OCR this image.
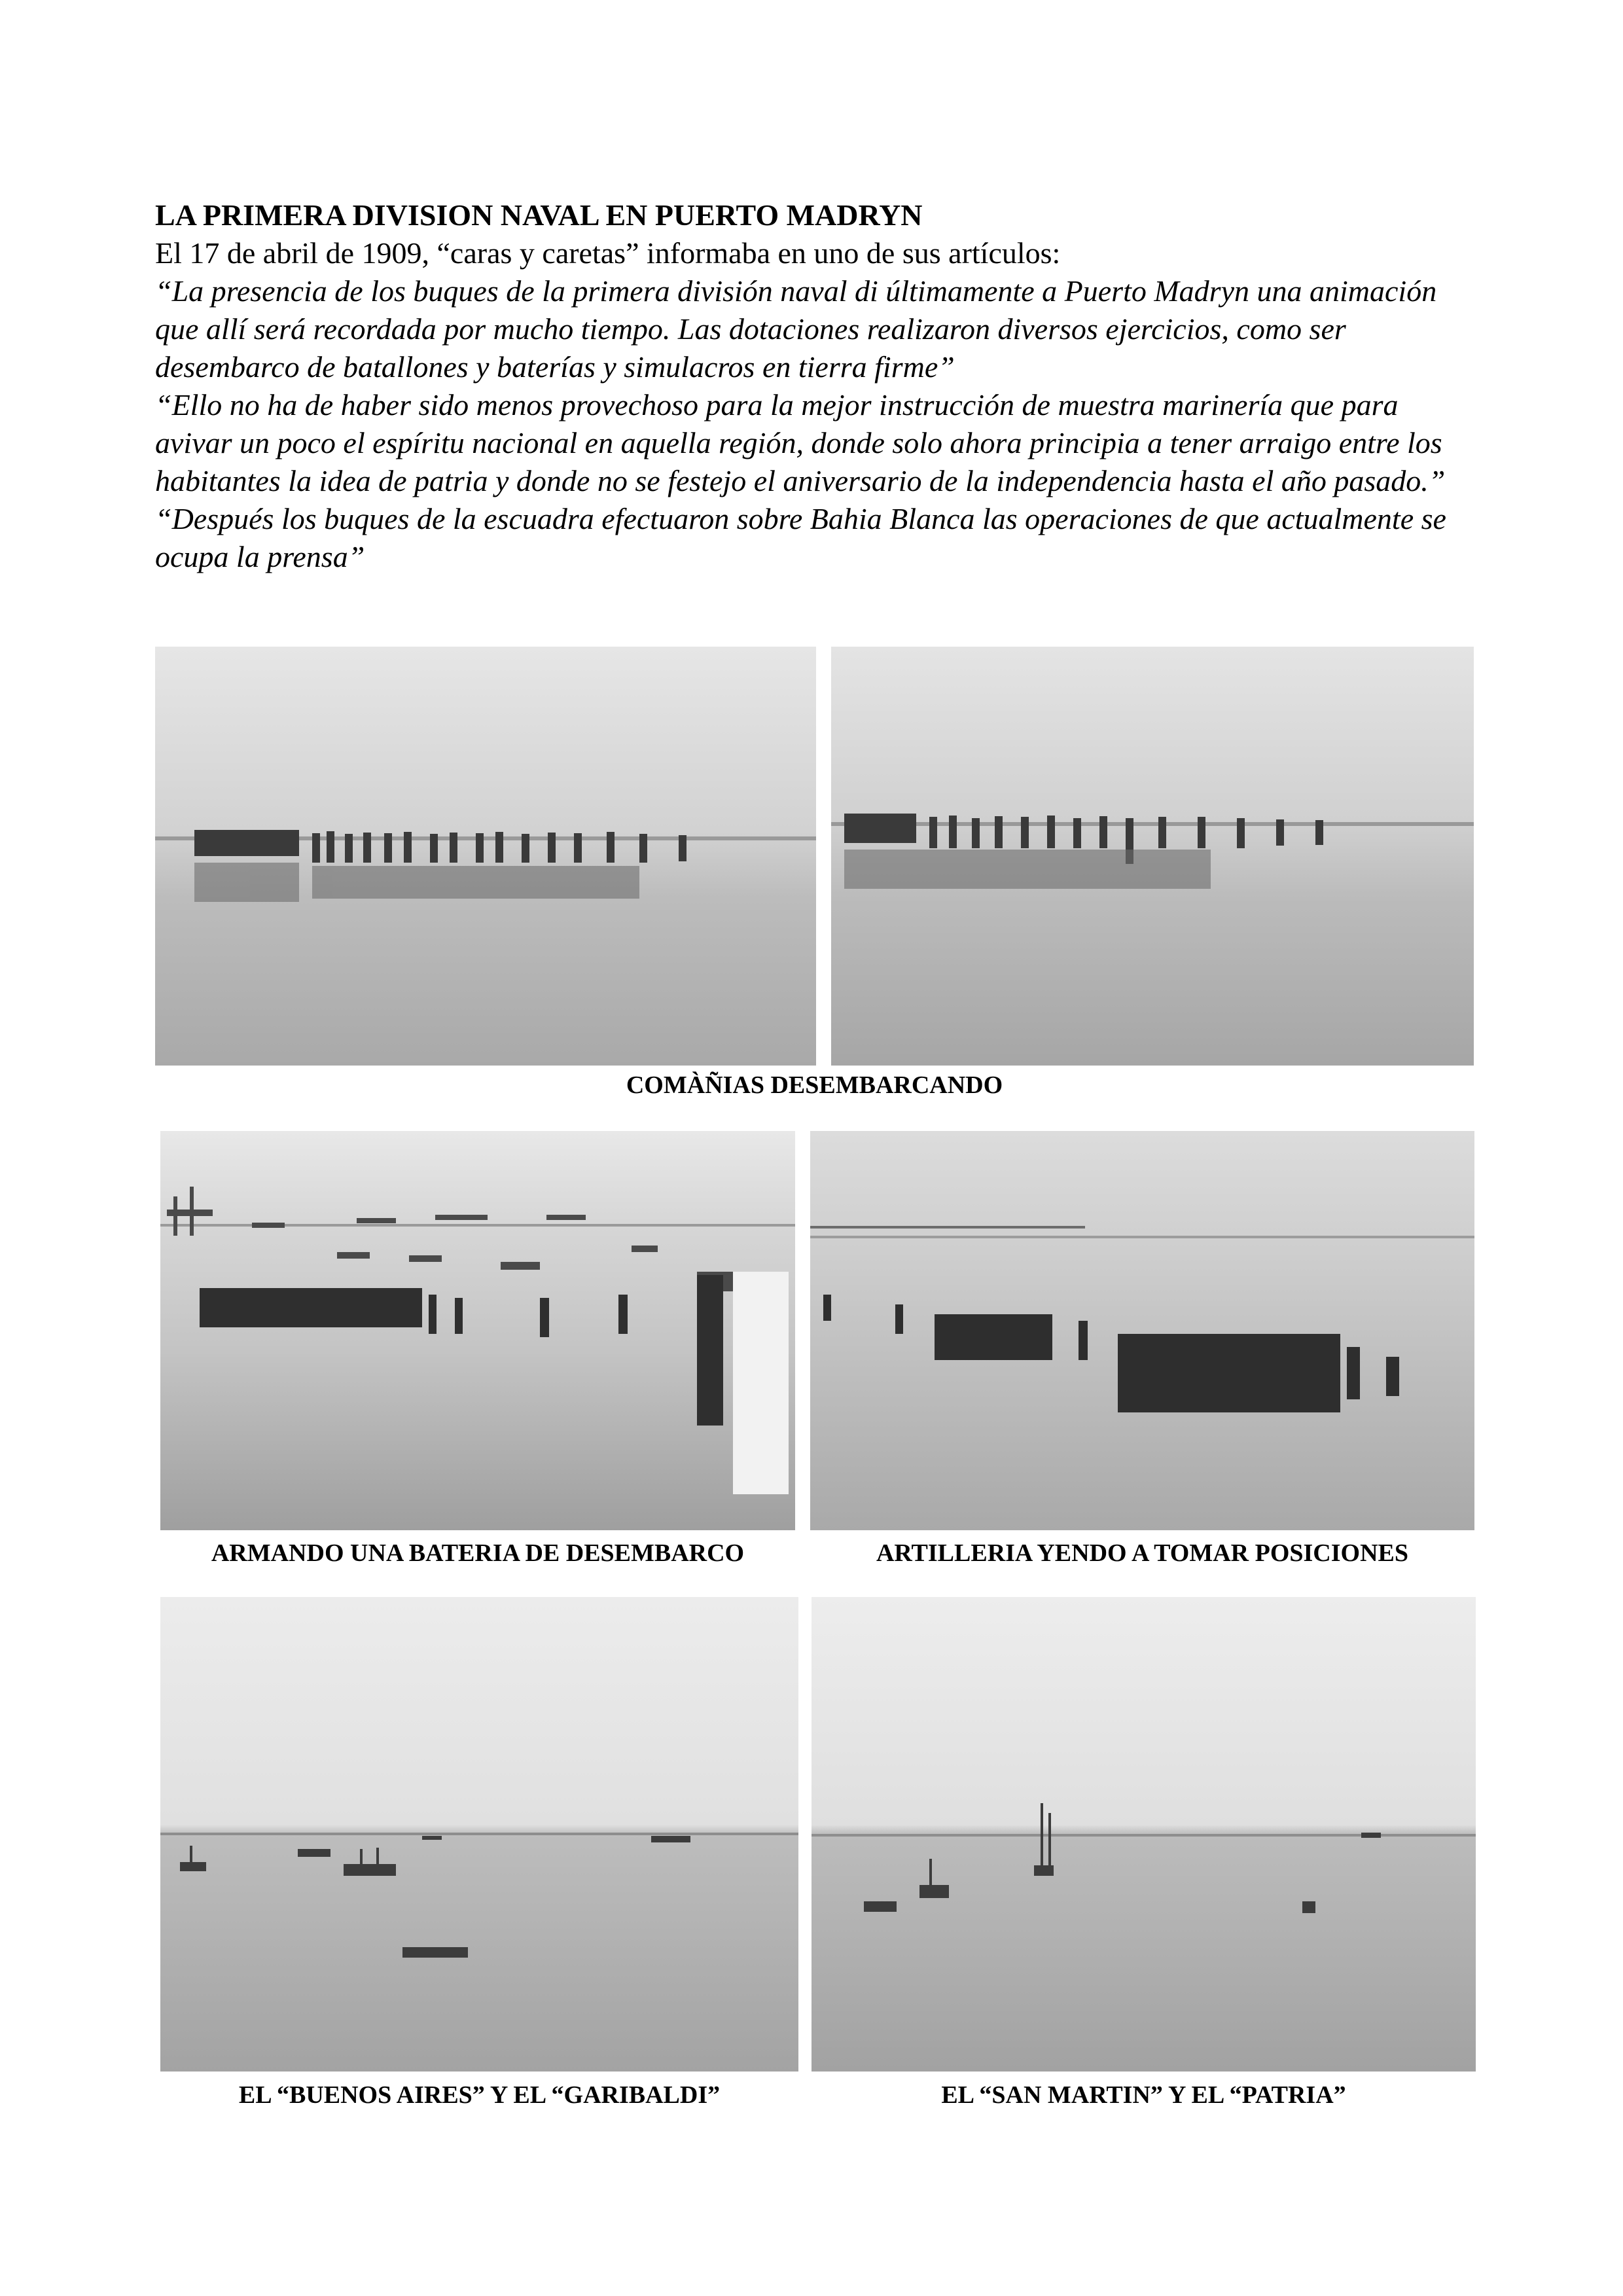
LA PRIMERA DIVISION NAVAL EN PUERTO MADRYN

El 17 de abril de 1909, “caras y caretas” informaba en uno de sus artículos:

“La presencia de los buques de la primera división naval di últimamente a Puerto Madryn una animación que allí será recordada por mucho tiempo. Las dotaciones realizaron diversos ejercicios, como ser desembarco de batallones y baterías y simulacros en tierra firme”

“Ello no ha de haber sido menos provechoso para la mejor instrucción de muestra marinería que para avivar un poco el espíritu nacional en aquella región, donde solo ahora principia a tener arraigo entre los habitantes la idea de patria y donde no se festejo el aniversario de la independencia hasta el año pasado.”

“Después los buques de la escuadra efectuaron sobre Bahia Blanca las operaciones de que actualmente se ocupa la prensa”

COMÀÑIAS DESEMBARCANDO
ARMANDO UNA BATERIA DE DESEMBARCO	ARTILLERIA YENDO A TOMAR POSICIONES
EL “BUENOS AIRES” Y EL “GARIBALDI”	EL “SAN MARTIN” Y EL “PATRIA”
